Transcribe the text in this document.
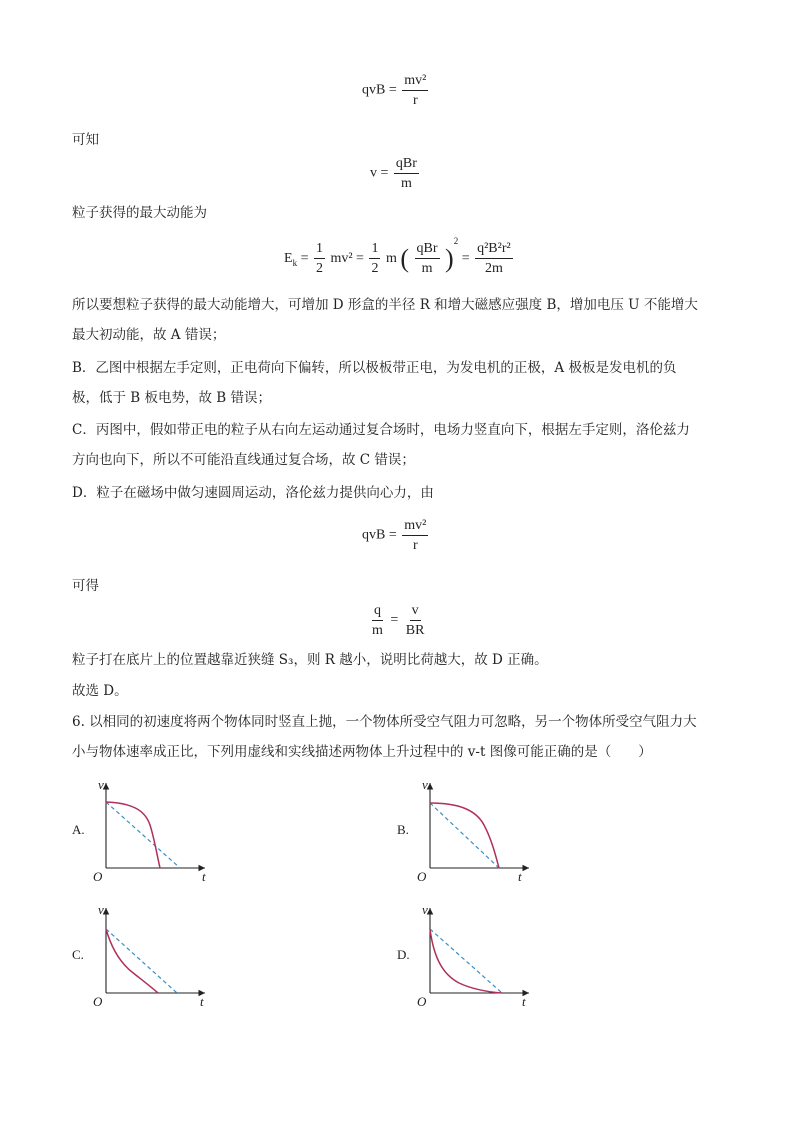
qvB = $\frac{\text{mv²}}{r}$
可知
$v = \frac{\text{qBr}}{m}$
粒子获得的最大动能为
$E_k = \frac{1}{2} mv^2 = \frac{1}{2}$ m ( $\frac{\text{qBr}}{m} )^2 = \frac{\text{q²B²r²}}{2m}$
所以要想粒子获得的最大动能增大，可增加 D 形盒的半径 R 和增大磁感应强度 B，增加电压 U 不能增大
最大初动能，故 A 错误；
B．乙图中根据左手定则，正电荷向下偏转，所以极板带正电，为发电机的正极，A 极板是发电机的负
极，低于 B 板电势，故 B 错误；
C．丙图中，假如带正电的粒子从右向左运动通过复合场时，电场力竖直向下，根据左手定则，洛伦兹力
方向也向下，所以不可能沿直线通过复合场，故 C 错误；
D．粒子在磁场中做匀速圆周运动，洛伦兹力提供向心力，由
qvB = $\frac{\text{mv²}}{r}$
可得
$\frac{q}{m} = \frac{v}{BR}$
粒子打在底片上的位置越靠近狭缝 S₃，则 R 越小，说明比荷越大，故 D 正确。
故选 D。
6. 以相同的初速度将两个物体同时竖直上抛，一个物体所受空气阻力可忽略，另一个物体所受空气阻力大
小与物体速率成正比，下列用虚线和实线描述两物体上升过程中的 v-t 图像可能正确的是（　　）
A.	B.
C.	D.
v
t
O
v
t
O
v
t
O
v
t
O
